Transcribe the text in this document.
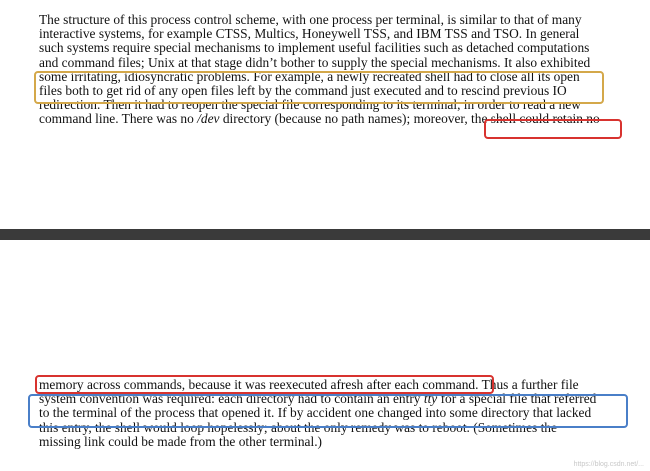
The structure of this process control scheme, with one process per terminal, is similar to that of many
interactive systems, for example CTSS, Multics, Honeywell TSS, and IBM TSS and TSO. In general
such systems require special mechanisms to implement useful facilities such as detached computations
and command files; Unix at that stage didn’t bother to supply the special mechanisms. It also exhibited
some irritating, idiosyncratic problems. For example, a newly recreated shell had to close all its open
files both to get rid of any open files left by the command just executed and to rescind previous IO
redirection. Then it had to reopen the special file corresponding to its terminal, in order to read a new
command line. There was no /dev directory (because no path names); moreover, the shell could retain no
memory across commands, because it was reexecuted afresh after each command. Thus a further file
system convention was required: each directory had to contain an entry tty for a special file that referred
to the terminal of the process that opened it. If by accident one changed into some directory that lacked
this entry, the shell would loop hopelessly; about the only remedy was to reboot. (Sometimes the
missing link could be made from the other terminal.)
https://blog.csdn.net/...
